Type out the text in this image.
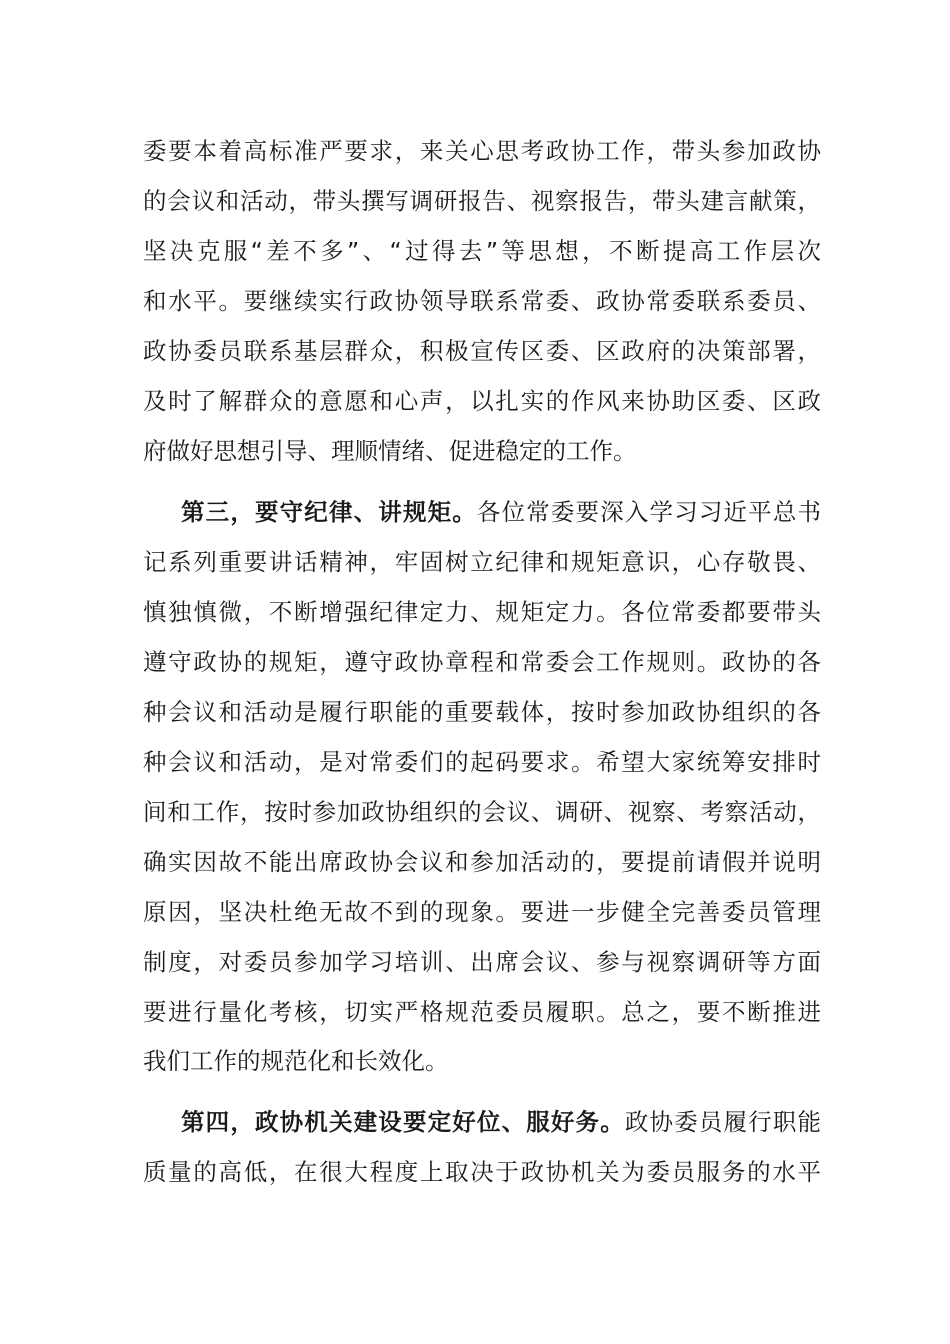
委要本着高标准严要求，来关心思考政协工作，带头参加政协
的会议和活动，带头撰写调研报告、视察报告，带头建言献策，
坚决克服“差不多”、“过得去”等思想，不断提高工作层次
和水平。要继续实行政协领导联系常委、政协常委联系委员、
政协委员联系基层群众，积极宣传区委、区政府的决策部署，
及时了解群众的意愿和心声，以扎实的作风来协助区委、区政
府做好思想引导、理顺情绪、促进稳定的工作。
第三，要守纪律、讲规矩。各位常委要深入学习习近平总书
记系列重要讲话精神，牢固树立纪律和规矩意识，心存敬畏、
慎独慎微，不断增强纪律定力、规矩定力。各位常委都要带头
遵守政协的规矩，遵守政协章程和常委会工作规则。政协的各
种会议和活动是履行职能的重要载体，按时参加政协组织的各
种会议和活动，是对常委们的起码要求。希望大家统筹安排时
间和工作，按时参加政协组织的会议、调研、视察、考察活动，
确实因故不能出席政协会议和参加活动的，要提前请假并说明
原因，坚决杜绝无故不到的现象。要进一步健全完善委员管理
制度，对委员参加学习培训、出席会议、参与视察调研等方面
要进行量化考核，切实严格规范委员履职。总之，要不断推进
我们工作的规范化和长效化。
第四，政协机关建设要定好位、服好务。政协委员履行职能
质量的高低，在很大程度上取决于政协机关为委员服务的水平
